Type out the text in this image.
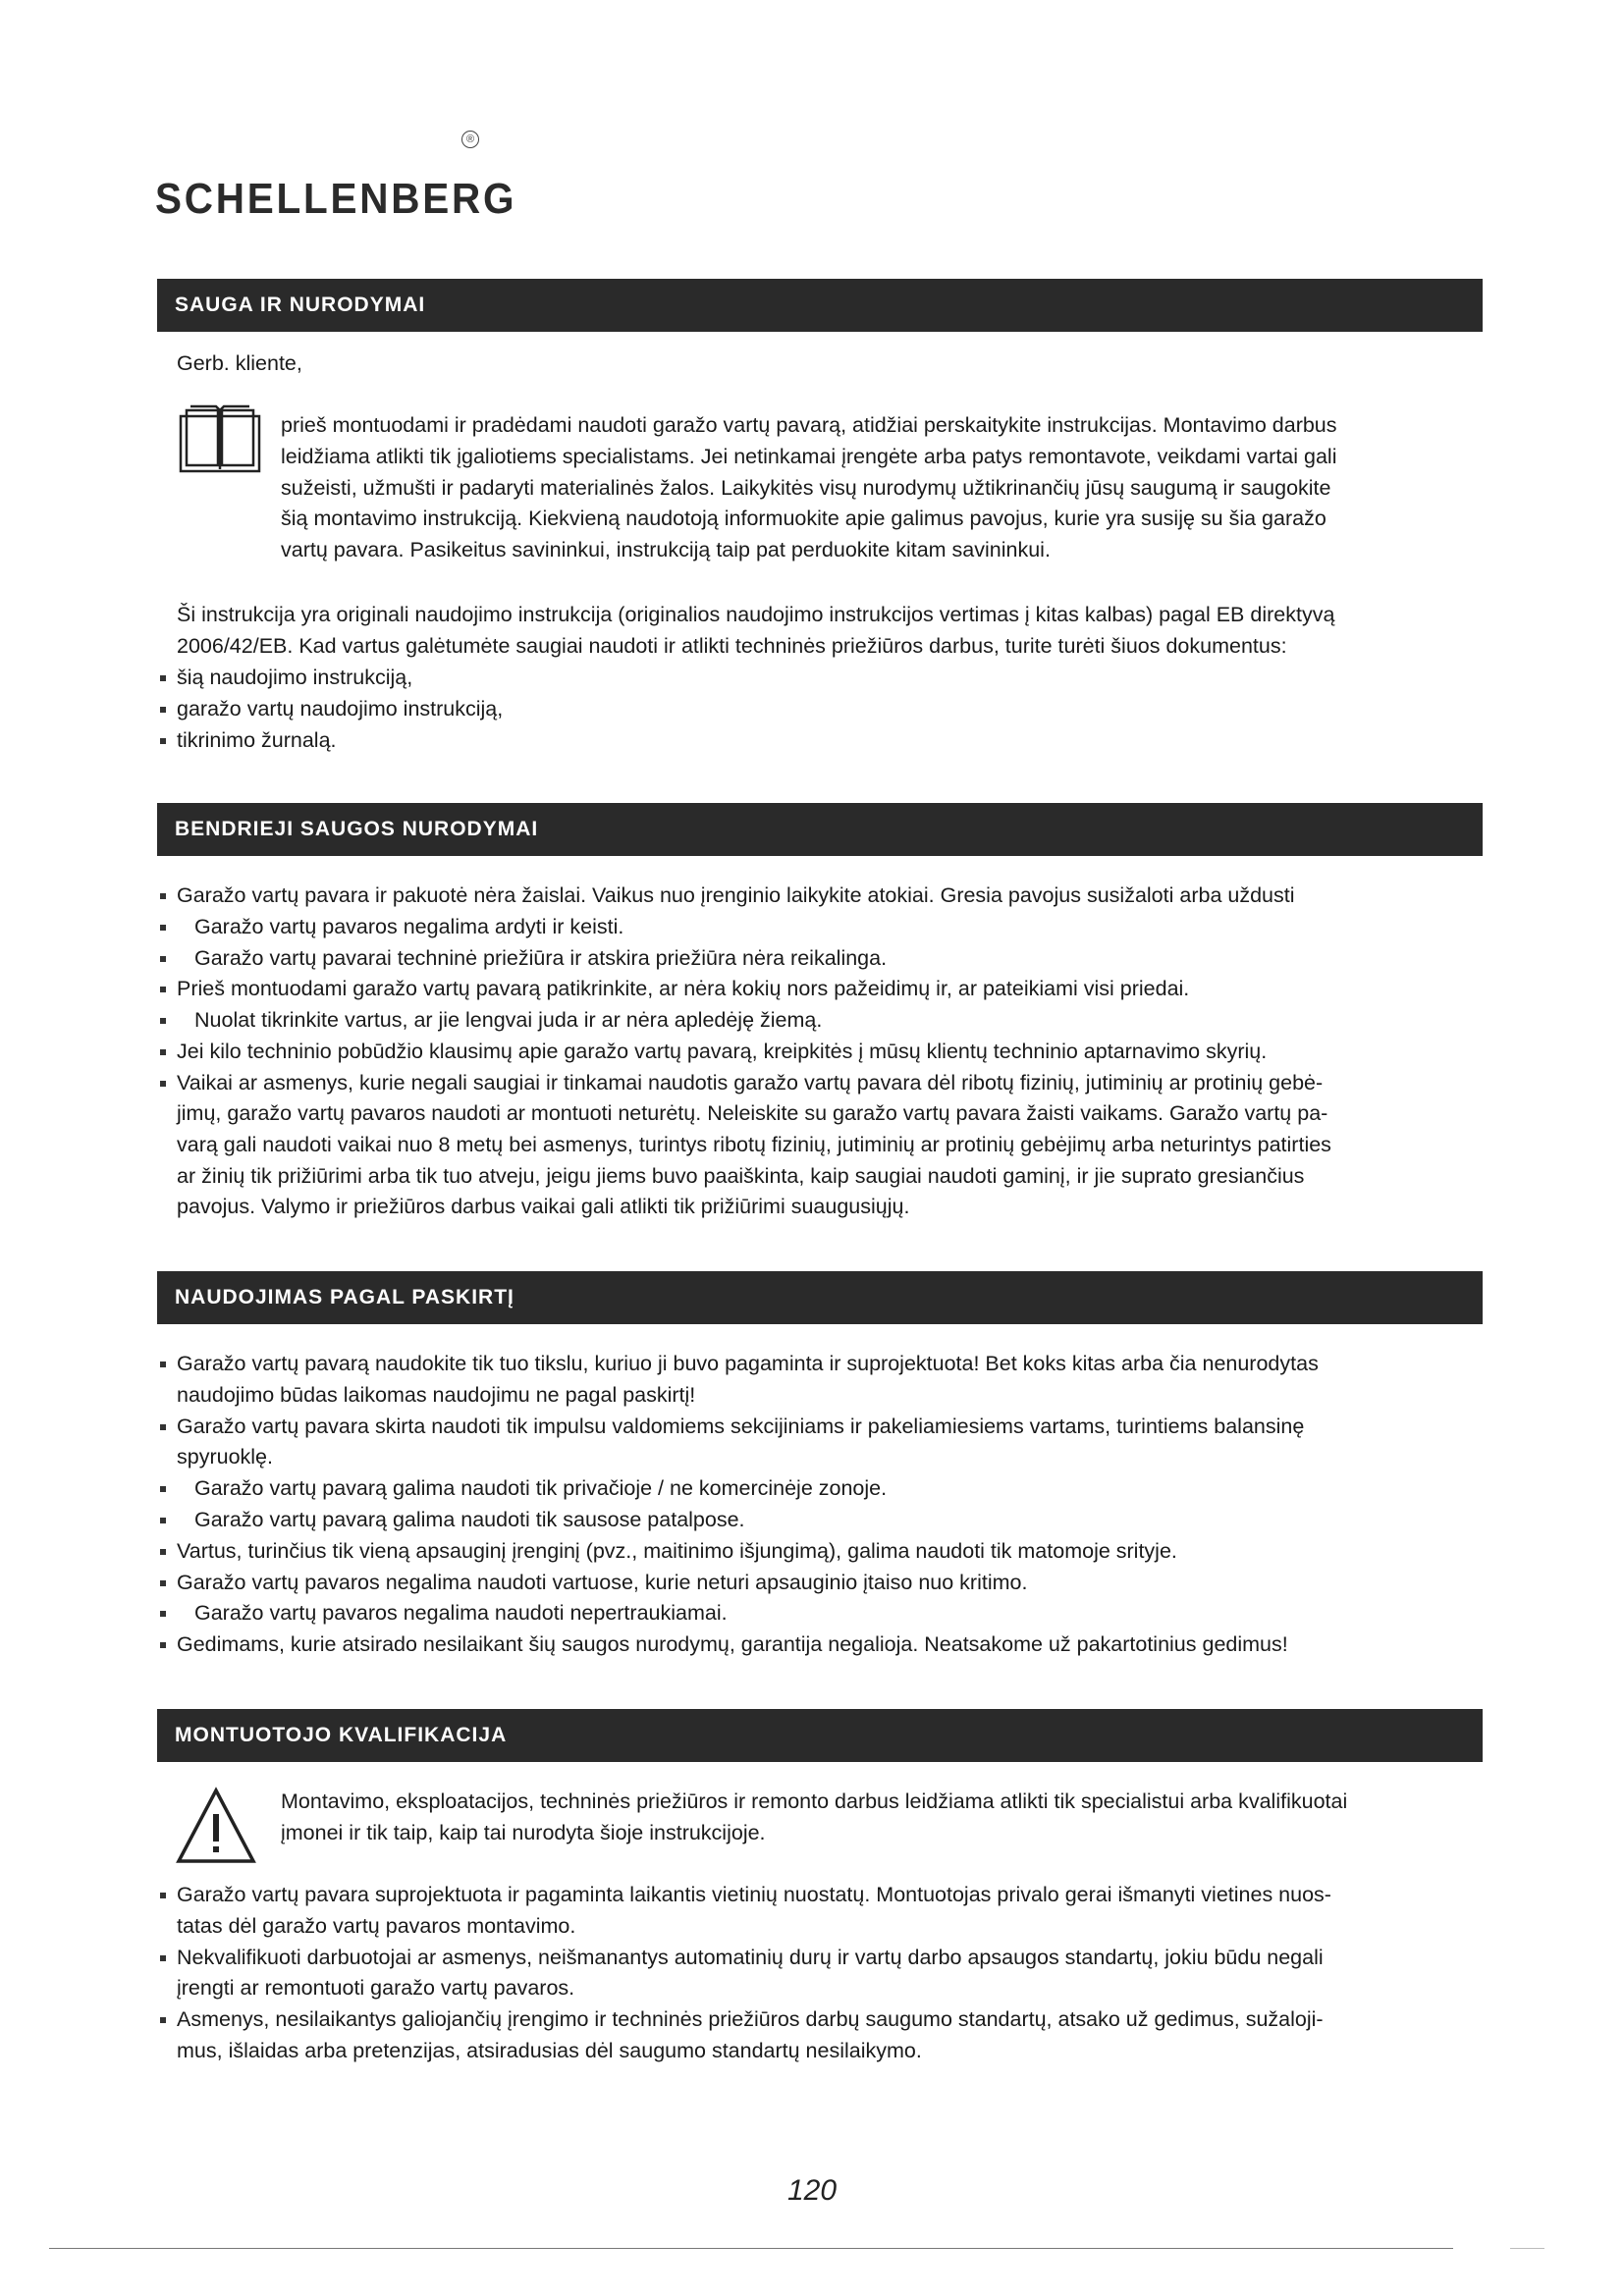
®
SCHELLENBERG
SAUGA IR NURODYMAI
Gerb. kliente,
prieš montuodami ir pradėdami naudoti garažo vartų pavarą, atidžiai perskaitykite instrukcijas. Montavimo darbus
leidžiama atlikti tik įgaliotiems specialistams. Jei netinkamai įrengėte arba patys remontavote, veikdami vartai gali
sužeisti, užmušti ir padaryti materialinės žalos. Laikykitės visų nurodymų užtikrinančių jūsų saugumą ir saugokite
šią montavimo instrukciją. Kiekvieną naudotoją informuokite apie galimus pavojus, kurie yra susiję su šia garažo
vartų pavara. Pasikeitus savininkui, instrukciją taip pat perduokite kitam savininkui.
Ši instrukcija yra originali naudojimo instrukcija (originalios naudojimo instrukcijos vertimas į kitas kalbas) pagal EB direktyvą
2006/42/EB. Kad vartus galėtumėte saugiai naudoti ir atlikti techninės priežiūros darbus, turite turėti šiuos dokumentus:
šią naudojimo instrukciją,
garažo vartų naudojimo instrukciją,
tikrinimo žurnalą.
BENDRIEJI SAUGOS NURODYMAI
Garažo vartų pavara ir pakuotė nėra žaislai. Vaikus nuo įrenginio laikykite atokiai. Gresia pavojus susižaloti arba uždusti
Garažo vartų pavaros negalima ardyti ir keisti.
Garažo vartų pavarai techninė priežiūra ir atskira priežiūra nėra reikalinga.
Prieš montuodami garažo vartų pavarą patikrinkite, ar nėra kokių nors pažeidimų ir, ar pateikiami visi priedai.
Nuolat tikrinkite vartus, ar jie lengvai juda ir ar nėra apledėję žiemą.
Jei kilo techninio pobūdžio klausimų apie garažo vartų pavarą, kreipkitės į mūsų klientų techninio aptarnavimo skyrių.
Vaikai ar asmenys, kurie negali saugiai ir tinkamai naudotis garažo vartų pavara dėl ribotų fizinių, jutiminių ar protinių gebė-
jimų, garažo vartų pavaros naudoti ar montuoti neturėtų. Neleiskite su garažo vartų pavara žaisti vaikams. Garažo vartų pa-
varą gali naudoti vaikai nuo 8 metų bei asmenys, turintys ribotų fizinių, jutiminių ar protinių gebėjimų arba neturintys patirties
ar žinių tik prižiūrimi arba tik tuo atveju, jeigu jiems buvo paaiškinta, kaip saugiai naudoti gaminį, ir jie suprato gresiančius
pavojus. Valymo ir priežiūros darbus vaikai gali atlikti tik prižiūrimi suaugusiųjų.
NAUDOJIMAS PAGAL PASKIRTĮ
Garažo vartų pavarą naudokite tik tuo tikslu, kuriuo ji buvo pagaminta ir suprojektuota! Bet koks kitas arba čia nenurodytas
naudojimo būdas laikomas naudojimu ne pagal paskirtį!
Garažo vartų pavara skirta naudoti tik impulsu valdomiems sekcijiniams ir pakeliamiesiems vartams, turintiems balansinę
spyruoklę.
Garažo vartų pavarą galima naudoti tik privačioje / ne komercinėje zonoje.
Garažo vartų pavarą galima naudoti tik sausose patalpose.
Vartus, turinčius tik vieną apsauginį įrenginį (pvz., maitinimo išjungimą), galima naudoti tik matomoje srityje.
Garažo vartų pavaros negalima naudoti vartuose, kurie neturi apsauginio įtaiso nuo kritimo.
Garažo vartų pavaros negalima naudoti nepertraukiamai.
Gedimams, kurie atsirado nesilaikant šių saugos nurodymų, garantija negalioja. Neatsakome už pakartotinius gedimus!
MONTUOTOJO KVALIFIKACIJA
Montavimo, eksploatacijos, techninės priežiūros ir remonto darbus leidžiama atlikti tik specialistui arba kvalifikuotai
įmonei ir tik taip, kaip tai nurodyta šioje instrukcijoje.
Garažo vartų pavara suprojektuota ir pagaminta laikantis vietinių nuostatų. Montuotojas privalo gerai išmanyti vietines nuos-
tatas dėl garažo vartų pavaros montavimo.
Nekvalifikuoti darbuotojai ar asmenys, neišmanantys automatinių durų ir vartų darbo apsaugos standartų, jokiu būdu negali
įrengti ar remontuoti garažo vartų pavaros.
Asmenys, nesilaikantys galiojančių įrengimo ir techninės priežiūros darbų saugumo standartų, atsako už gedimus, sužaloji-
mus, išlaidas arba pretenzijas, atsiradusias dėl saugumo standartų nesilaikymo.
120
